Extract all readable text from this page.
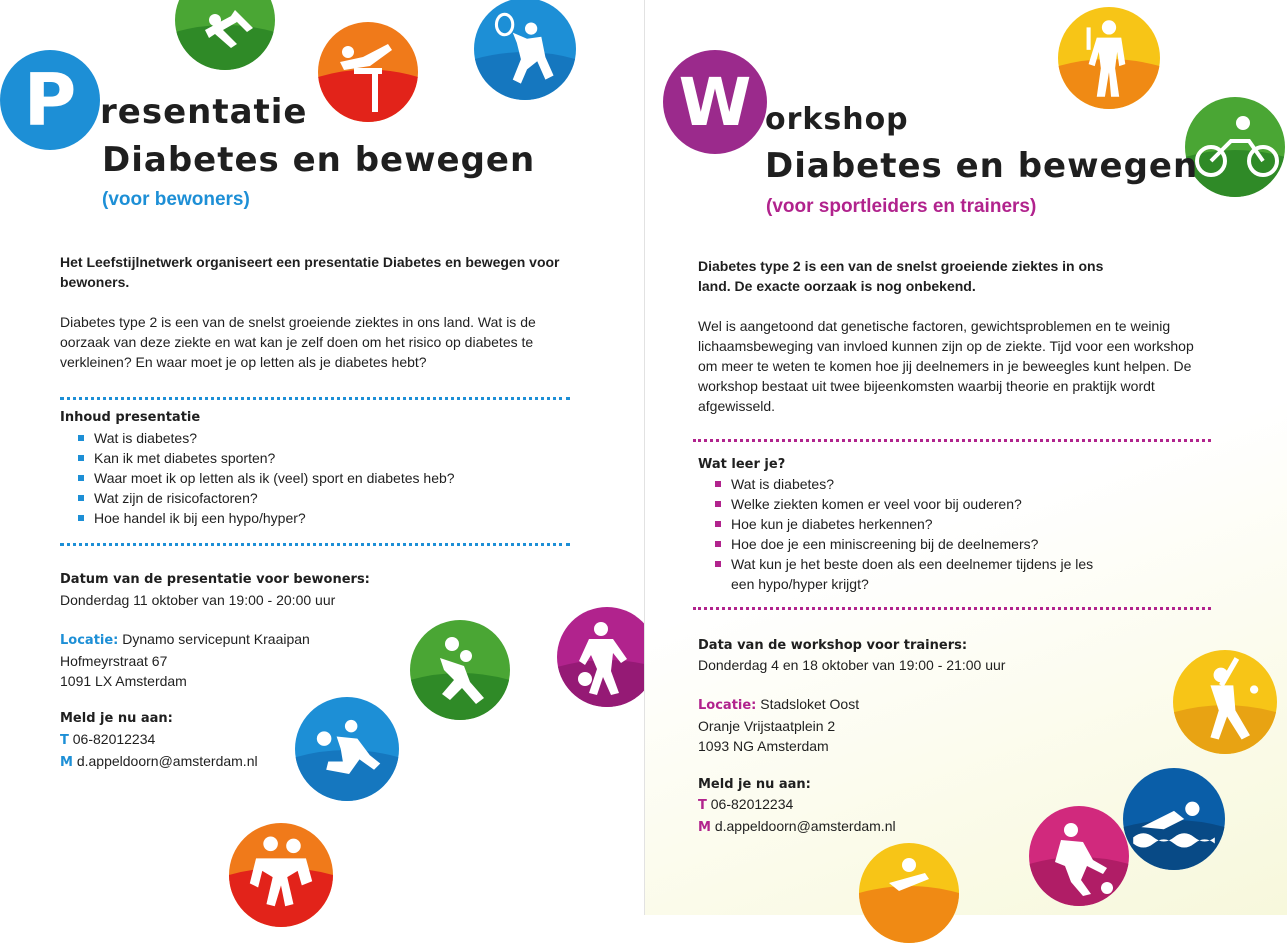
P resentatie
Diabetes en bewegen
(voor bewoners)
Het Leefstijlnetwerk organiseert een presentatie Diabetes en bewegen voor bewoners.
Diabetes type 2 is een van de snelst groeiende ziektes in ons land. Wat is de oorzaak van deze ziekte en wat kan je zelf doen om het risico op diabetes te verkleinen? En waar moet je op letten als je diabetes hebt?
Inhoud presentatie
Wat is diabetes?
Kan ik met diabetes sporten?
Waar moet ik op letten als ik (veel) sport en diabetes heb?
Wat zijn de risicofactoren?
Hoe handel ik bij een hypo/hyper?
Datum van de presentatie voor bewoners:
Donderdag 11 oktober van 19:00 - 20:00 uur
Locatie: Dynamo servicepunt Kraaipan
Hofmeyrstraat 67
1091 LX Amsterdam
Meld je nu aan:
T 06-82012234
M d.appeldoorn@amsterdam.nl
W orkshop
Diabetes en bewegen
(voor sportleiders en trainers)
Diabetes type 2 is een van de snelst groeiende ziektes in ons land. De exacte oorzaak is nog onbekend.
Wel is aangetoond dat genetische factoren, gewichtsproblemen en te weinig lichaamsbeweging van invloed kunnen zijn op de ziekte. Tijd voor een workshop om meer te weten te komen hoe jij deelnemers in je beweegles kunt helpen. De workshop bestaat uit twee bijeenkomsten waarbij theorie en praktijk wordt afgewisseld.
Wat leer je?
Wat is diabetes?
Welke ziekten komen er veel voor bij ouderen?
Hoe kun je diabetes herkennen?
Hoe doe je een miniscreening bij de deelnemers?
Wat kun je het beste doen als een deelnemer tijdens je les een hypo/hyper krijgt?
Data van de workshop voor trainers:
Donderdag 4 en 18 oktober van 19:00 - 21:00 uur
Locatie: Stadsloket Oost
Oranje Vrijstaatplein 2
1093 NG Amsterdam
Meld je nu aan:
T 06-82012234
M d.appeldoorn@amsterdam.nl
